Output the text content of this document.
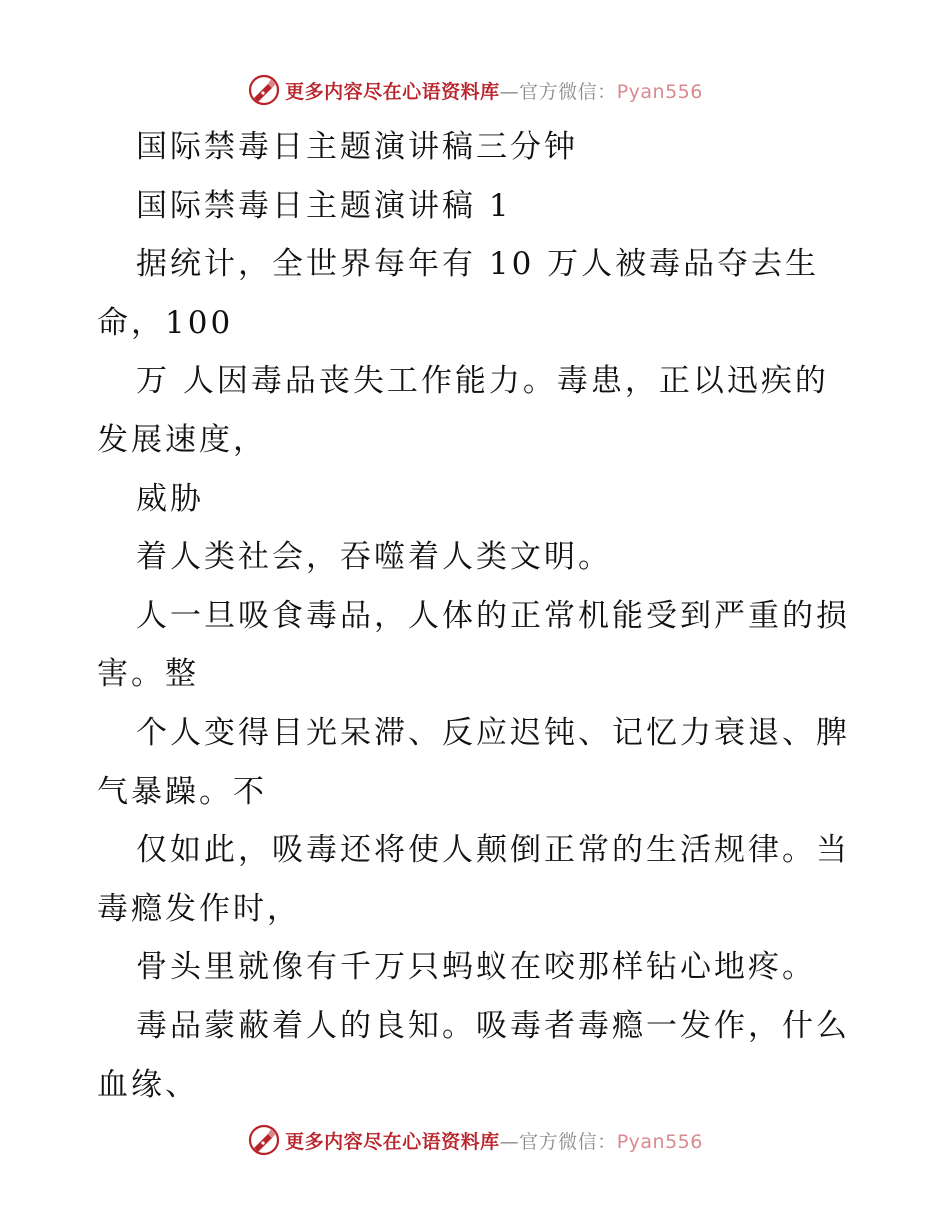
更多内容尽在心语资料库—官方微信：Pyan556
国际禁毒日主题演讲稿三分钟
国际禁毒日主题演讲稿 1
据统计，全世界每年有 10 万人被毒品夺去生
命，100
万 人因毒品丧失工作能力。毒患，正以迅疾的
发展速度，
威胁
着人类社会，吞噬着人类文明。
人一旦吸食毒品，人体的正常机能受到严重的损
害。整
个人变得目光呆滞、反应迟钝、记忆力衰退、脾
气暴躁。不
仅如此，吸毒还将使人颠倒正常的生活规律。当
毒瘾发作时，
骨头里就像有千万只蚂蚁在咬那样钻心地疼。
毒品蒙蔽着人的良知。吸毒者毒瘾一发作，什么
血缘、
更多内容尽在心语资料库—官方微信：Pyan556
